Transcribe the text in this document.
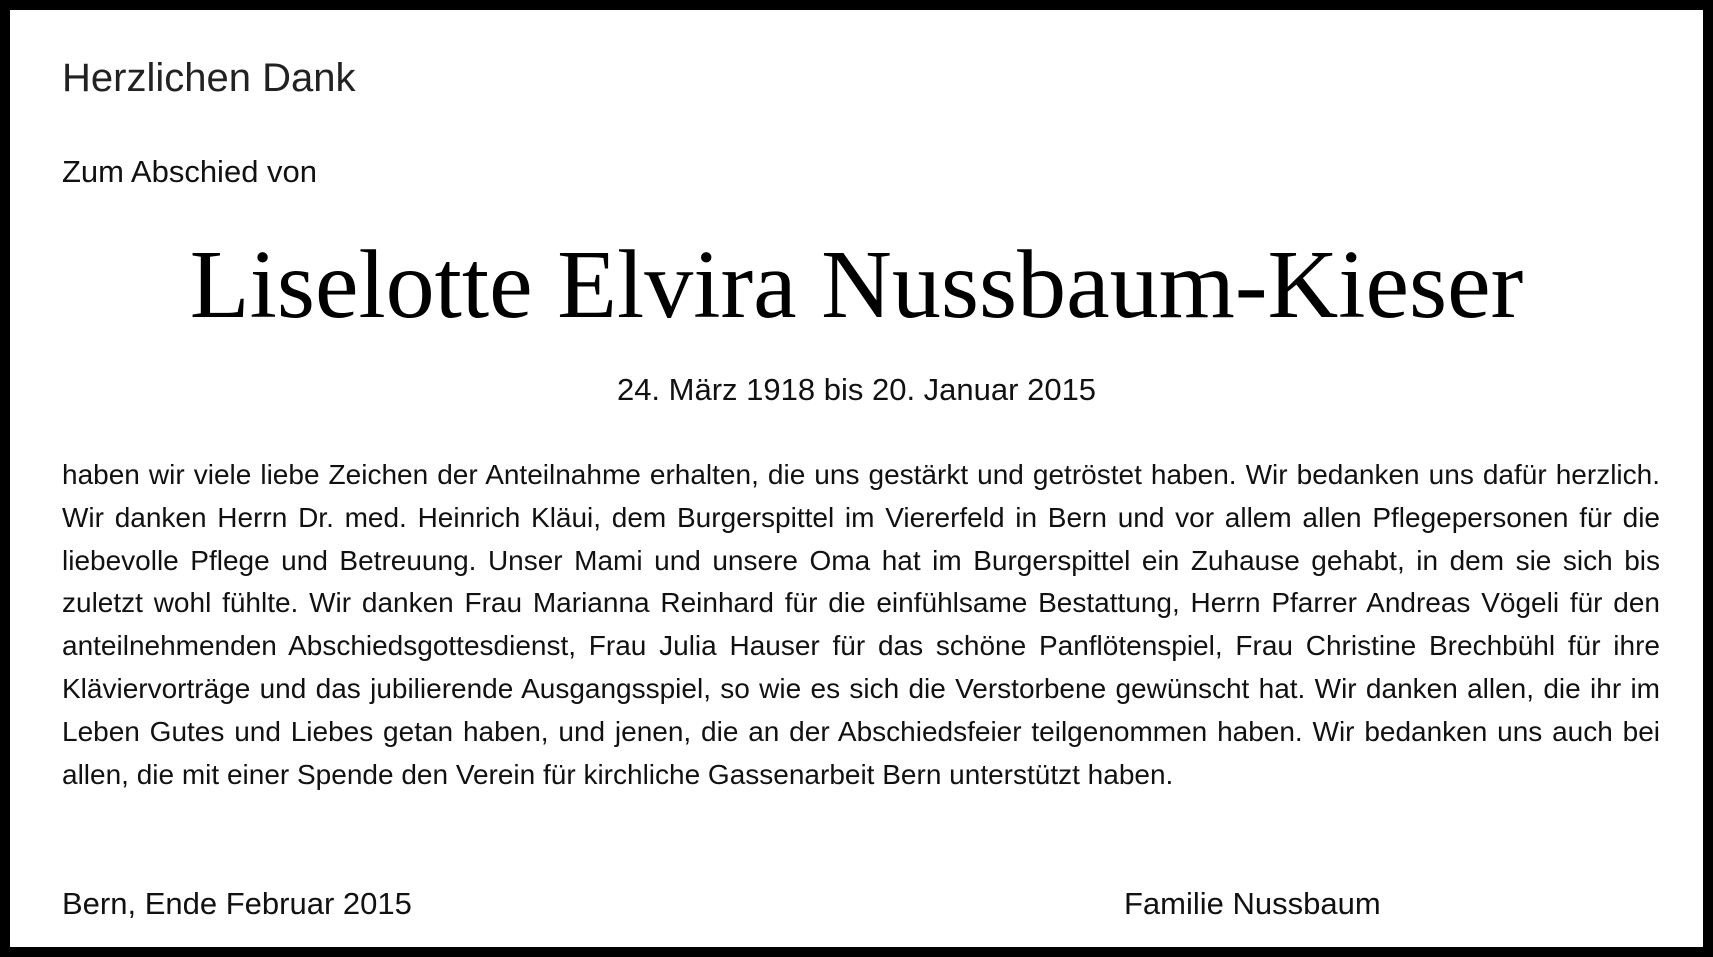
Herzlichen Dank
Zum Abschied von
Liselotte Elvira Nussbaum-Kieser
24. März 1918 bis 20. Januar 2015
haben wir viele liebe Zeichen der Anteilnahme erhalten, die uns gestärkt und getröstet haben. Wir bedanken uns dafür herzlich. Wir danken Herrn Dr. med. Heinrich Kläui, dem Burgerspittel im Viererfeld in Bern und vor allem allen Pflegepersonen für die liebevolle Pflege und Betreuung. Unser Mami und unsere Oma hat im Burgerspittel ein Zuhause gehabt, in dem sie sich bis zuletzt wohl fühlte. Wir danken Frau Marianna Reinhard für die einfühlsame Bestattung, Herrn Pfarrer Andreas Vögeli für den anteilnehmenden Abschiedsgottesdienst, Frau Julia Hauser für das schöne Panflötenspiel, Frau Christine Brechbühl für ihre Kläviervorträge und das jubilierende Ausgangsspiel, so wie es sich die Verstorbene gewünscht hat. Wir danken allen, die ihr im Leben Gutes und Liebes getan haben, und jenen, die an der Abschiedsfeier teilgenommen haben. Wir bedanken uns auch bei allen, die mit einer Spende den Verein für kirchliche Gassenarbeit Bern unterstützt haben.
Bern, Ende Februar 2015	Familie Nussbaum
